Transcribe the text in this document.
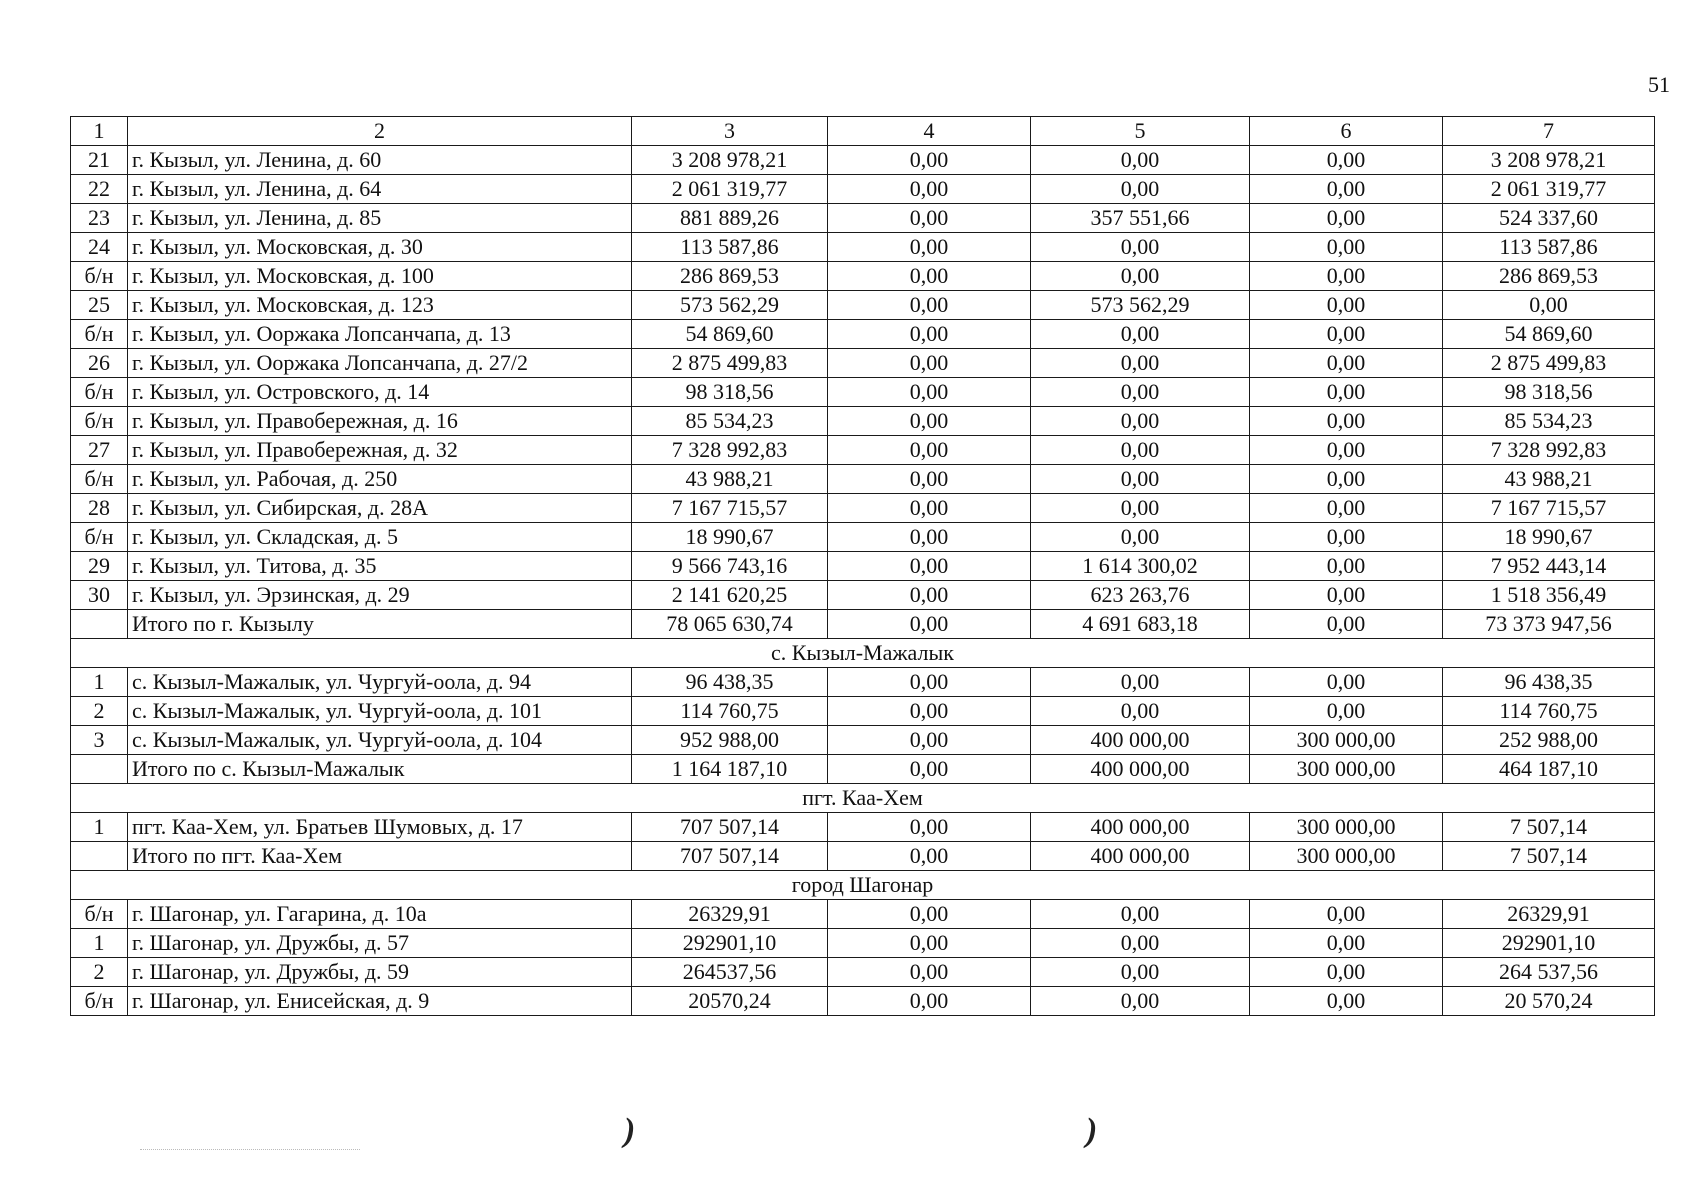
51
1	2	3	4	5	6	7
21	г. Кызыл, ул. Ленина, д. 60	3 208 978,21	0,00	0,00	0,00	3 208 978,21
22	г. Кызыл, ул. Ленина, д. 64	2 061 319,77	0,00	0,00	0,00	2 061 319,77
23	г. Кызыл, ул. Ленина, д. 85	881 889,26	0,00	357 551,66	0,00	524 337,60
24	г. Кызыл, ул. Московская, д. 30	113 587,86	0,00	0,00	0,00	113 587,86
б/н	г. Кызыл, ул. Московская, д. 100	286 869,53	0,00	0,00	0,00	286 869,53
25	г. Кызыл, ул. Московская, д. 123	573 562,29	0,00	573 562,29	0,00	0,00
б/н	г. Кызыл, ул. Ооржака Лопсанчапа, д. 13	54 869,60	0,00	0,00	0,00	54 869,60
26	г. Кызыл, ул. Ооржака Лопсанчапа, д. 27/2	2 875 499,83	0,00	0,00	0,00	2 875 499,83
б/н	г. Кызыл, ул. Островского, д. 14	98 318,56	0,00	0,00	0,00	98 318,56
б/н	г. Кызыл, ул. Правобережная, д. 16	85 534,23	0,00	0,00	0,00	85 534,23
27	г. Кызыл, ул. Правобережная, д. 32	7 328 992,83	0,00	0,00	0,00	7 328 992,83
б/н	г. Кызыл, ул. Рабочая, д. 250	43 988,21	0,00	0,00	0,00	43 988,21
28	г. Кызыл, ул. Сибирская, д. 28А	7 167 715,57	0,00	0,00	0,00	7 167 715,57
б/н	г. Кызыл, ул. Складская, д. 5	18 990,67	0,00	0,00	0,00	18 990,67
29	г. Кызыл, ул. Титова, д. 35	9 566 743,16	0,00	1 614 300,02	0,00	7 952 443,14
30	г. Кызыл, ул. Эрзинская, д. 29	2 141 620,25	0,00	623 263,76	0,00	1 518 356,49
	Итого по г. Кызылу	78 065 630,74	0,00	4 691 683,18	0,00	73 373 947,56
с. Кызыл-Мажалык						
1	с. Кызыл-Мажалык, ул. Чургуй-оола, д. 94	96 438,35	0,00	0,00	0,00	96 438,35
2	с. Кызыл-Мажалык, ул. Чургуй-оола, д. 101	114 760,75	0,00	0,00	0,00	114 760,75
3	с. Кызыл-Мажалык, ул. Чургуй-оола, д. 104	952 988,00	0,00	400 000,00	300 000,00	252 988,00
	Итого по с. Кызыл-Мажалык	1 164 187,10	0,00	400 000,00	300 000,00	464 187,10
пгт. Каа-Хем						
1	пгт. Каа-Хем, ул. Братьев Шумовых, д. 17	707 507,14	0,00	400 000,00	300 000,00	7 507,14
	Итого по пгт. Каа-Хем	707 507,14	0,00	400 000,00	300 000,00	7 507,14
город Шагонар						
б/н	г. Шагонар, ул. Гагарина, д. 10а	26329,91	0,00	0,00	0,00	26329,91
1	г. Шагонар, ул. Дружбы, д. 57	292901,10	0,00	0,00	0,00	292901,10
2	г. Шагонар, ул. Дружбы, д. 59	264537,56	0,00	0,00	0,00	264 537,56
б/н	г. Шагонар, ул. Енисейская, д. 9	20570,24	0,00	0,00	0,00	20 570,24
)	)
